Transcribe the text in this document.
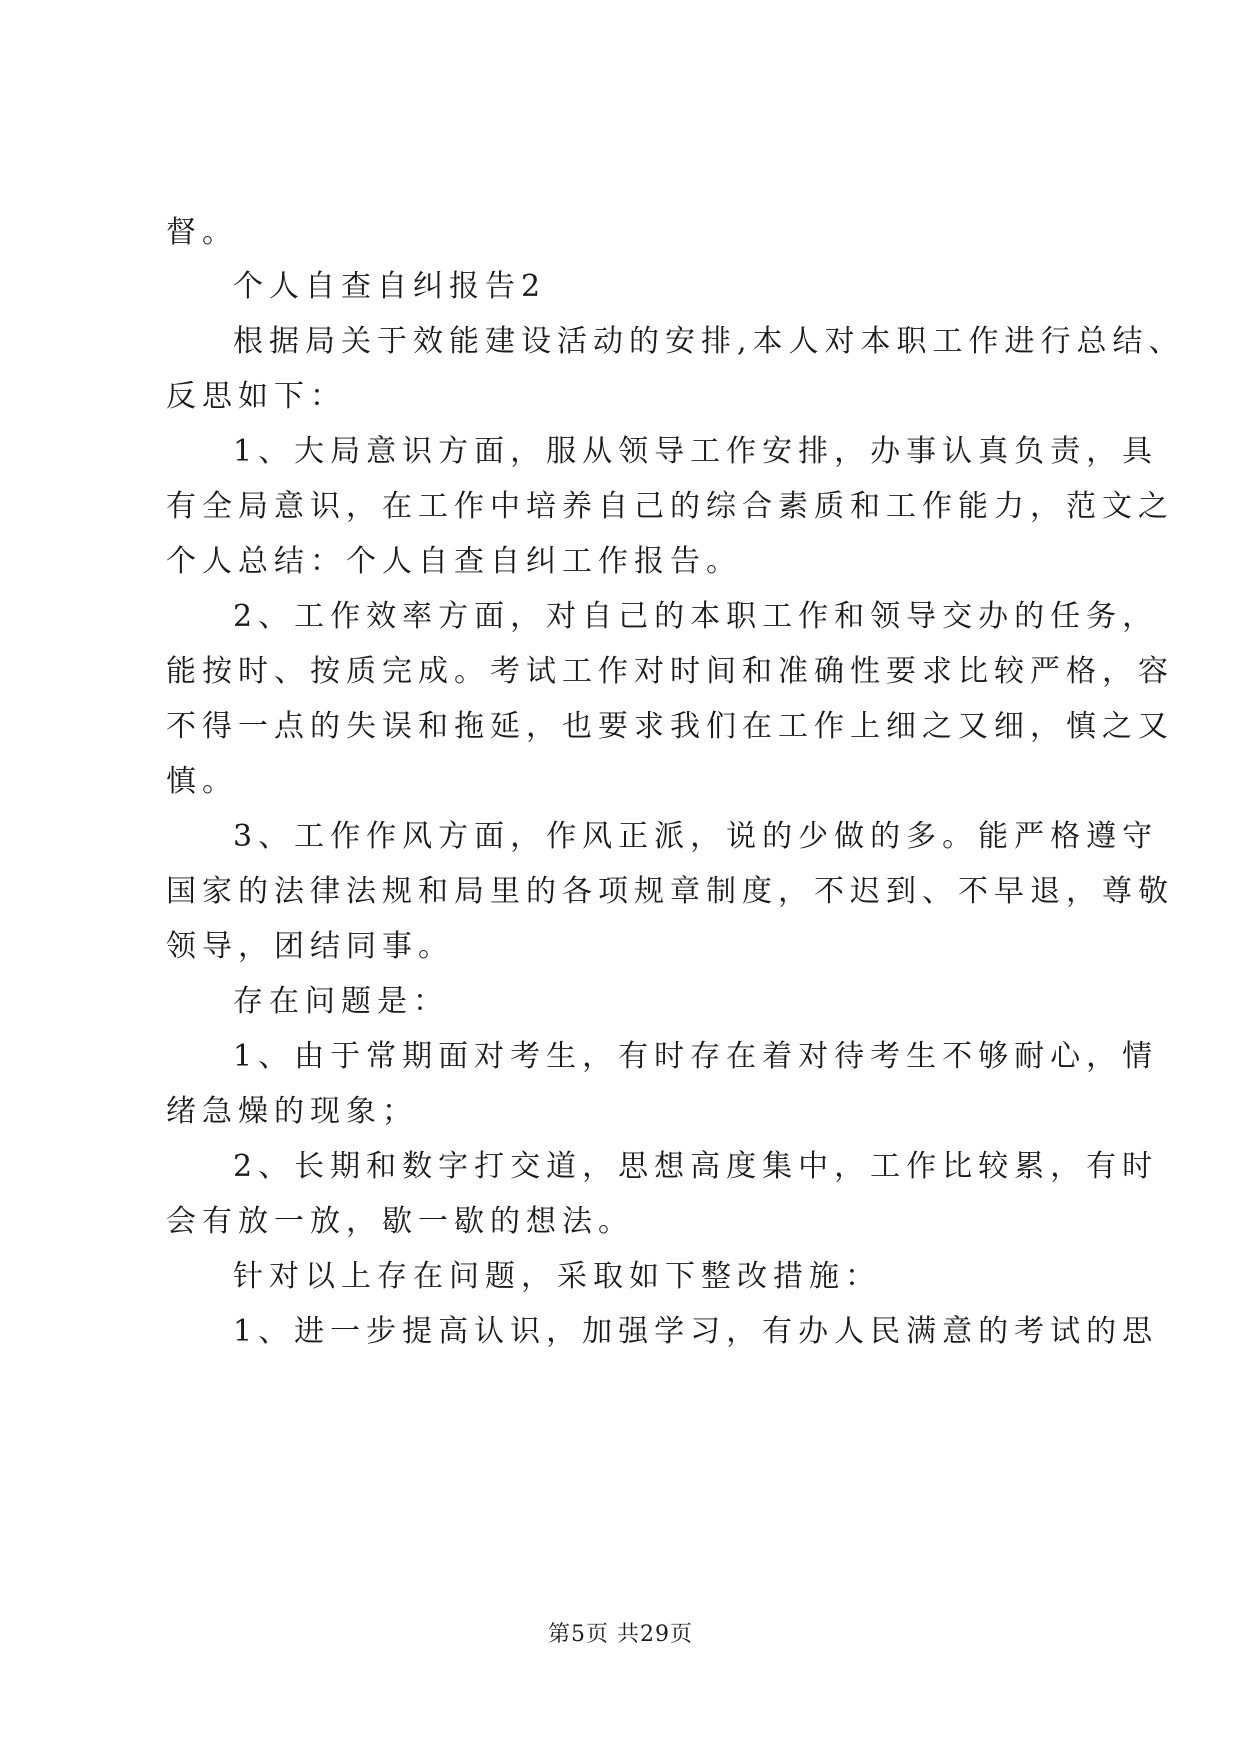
督。
个人自查自纠报告2
根据局关于效能建设活动的安排,本人对本职工作进行总结、
反思如下：
1、大局意识方面，服从领导工作安排，办事认真负责，具
有全局意识，在工作中培养自己的综合素质和工作能力，范文之
个人总结：个人自查自纠工作报告。
2、工作效率方面，对自己的本职工作和领导交办的任务，
能按时、按质完成。考试工作对时间和准确性要求比较严格，容
不得一点的失误和拖延，也要求我们在工作上细之又细，慎之又
慎。
3、工作作风方面，作风正派，说的少做的多。能严格遵守
国家的法律法规和局里的各项规章制度，不迟到、不早退，尊敬
领导，团结同事。
存在问题是：
1、由于常期面对考生，有时存在着对待考生不够耐心，情
绪急燥的现象；
2、长期和数字打交道，思想高度集中，工作比较累，有时
会有放一放，歇一歇的想法。
针对以上存在问题，采取如下整改措施：
1、进一步提高认识，加强学习，有办人民满意的考试的思
第5页 共29页
